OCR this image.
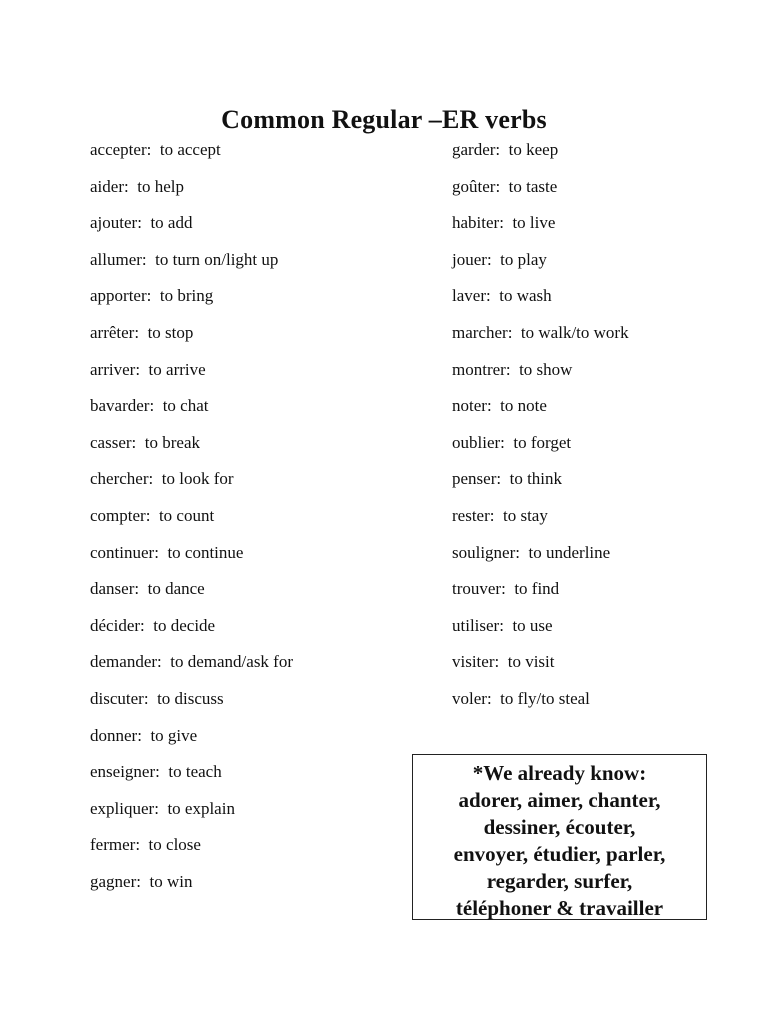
Common Regular –ER verbs
accepter : to accept
aider : to help
ajouter : to add
allumer : to turn on/light up
apporter : to bring
arrêter : to stop
arriver : to arrive
bavarder : to chat
casser : to break
chercher : to look for
compter : to count
continuer : to continue
danser : to dance
décider : to decide
demander : to demand/ask for
discuter : to discuss
donner : to give
enseigner : to teach
expliquer : to explain
fermer : to close
gagner : to win
garder : to keep
goûter : to taste
habiter : to live
jouer : to play
laver : to wash
marcher : to walk/to work
montrer : to show
noter : to note
oublier : to forget
penser : to think
rester : to stay
souligner : to underline
trouver : to find
utiliser : to use
visiter : to visit
voler : to fly/to steal
*We already know:
adorer, aimer, chanter,
dessiner, écouter,
envoyer, étudier, parler,
regarder, surfer,
téléphoner & travailler
